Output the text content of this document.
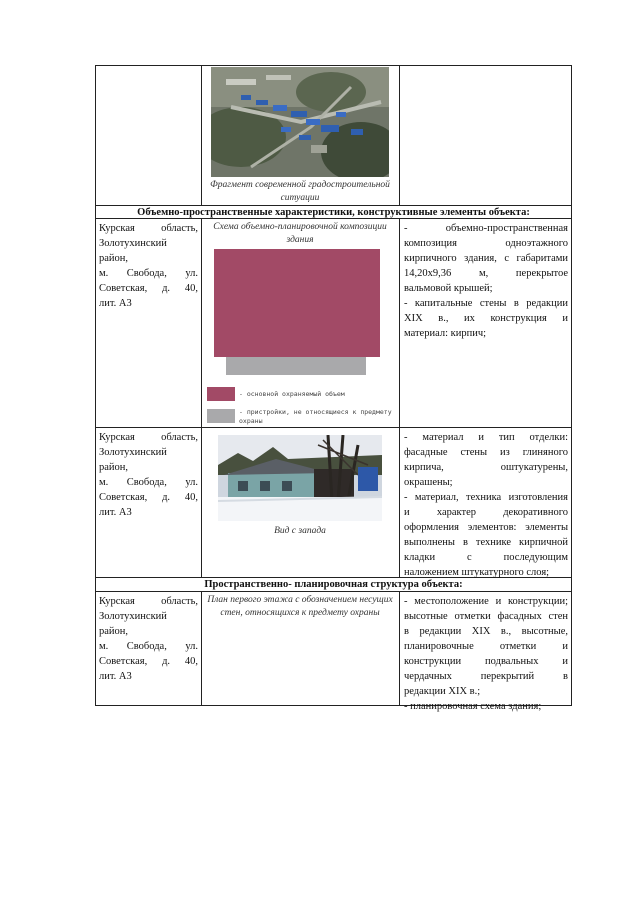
Фрагмент современной градостроительной ситуации
Объемно-пространственные характеристики, конструктивные элементы объекта:
Курская область,
Золотухинский
район,
м. Свобода, ул.
Советская, д. 40,
лит. А3
Схема объемно-планировочной композиции здания
- основной охраняемый объем
- пристройки, не относящиеся к предмету охраны
- объемно-пространственная
композиция одноэтажного
кирпичного здания, с габаритами
14,20х9,36 м, перекрытое
вальмовой крышей;
- капитальные стены в редакции
XIX в., их конструкция и
материал: кирпич;
Курская область,
Золотухинский
район,
м. Свобода, ул.
Советская, д. 40,
лит. А3
Вид с запада
- материал и тип отделки:
фасадные стены из глиняного
кирпича, оштукатурены,
окрашены;
- материал, техника изготовления
и характер декоративного
оформления элементов: элементы
выполнены в технике кирпичной
кладки с последующим
наложением штукатурного слоя;
Пространственно- планировочная структура объекта:
Курская область,
Золотухинский
район,
м. Свобода, ул.
Советская, д. 40,
лит. А3
План первого этажа с обозначением несущих стен, относящихся к предмету охраны
- местоположение и конструкции;
высотные отметки фасадных стен
в редакции XIX в., высотные,
планировочные отметки и
конструкции подвальных и
чердачных перекрытий в
редакции XIX в.;
- планировочная схема здания;
